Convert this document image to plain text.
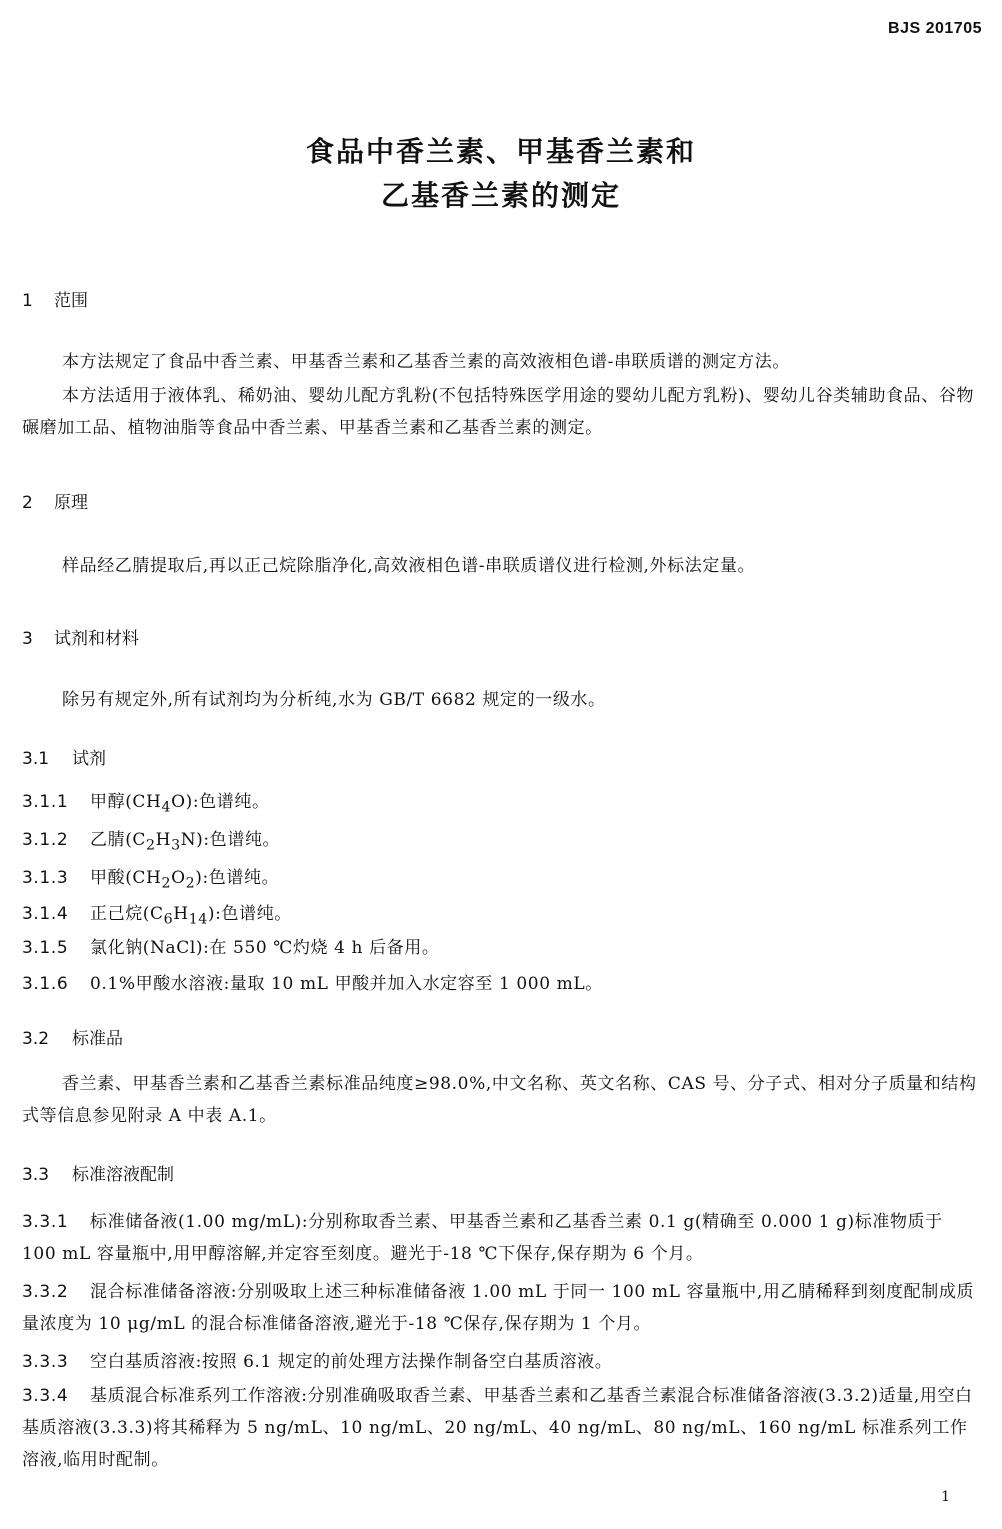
BJS 201705
食品中香兰素、甲基香兰素和
乙基香兰素的测定
1 范围
本方法规定了食品中香兰素、甲基香兰素和乙基香兰素的高效液相色谱-串联质谱的测定方法。
本方法适用于液体乳、稀奶油、婴幼儿配方乳粉(不包括特殊医学用途的婴幼儿配方乳粉)、婴幼儿谷类辅助食品、谷物碾磨加工品、植物油脂等食品中香兰素、甲基香兰素和乙基香兰素的测定。
2 原理
样品经乙腈提取后,再以正己烷除脂净化,高效液相色谱-串联质谱仪进行检测,外标法定量。
3 试剂和材料
除另有规定外,所有试剂均为分析纯,水为 GB/T 6682 规定的一级水。
3.1 试剂
3.1.1 甲醇$(CH_4O)$:色谱纯。
3.1.2 乙腈$(C_2H_3N)$:色谱纯。
3.1.3 甲酸$(CH_2O_2)$:色谱纯。
3.1.4 正己烷$(C_6H_{14})$:色谱纯。
3.1.5 氯化钠(NaCl):在 550 ℃灼烧 4 h 后备用。
3.1.6 0.1%甲酸水溶液:量取 10 mL 甲酸并加入水定容至 1 000 mL。
3.2 标准品
香兰素、甲基香兰素和乙基香兰素标准品纯度≥98.0%,中文名称、英文名称、CAS 号、分子式、相对分子质量和结构式等信息参见附录 A 中表 A.1。
3.3 标准溶液配制
3.3.1 标准储备液(1.00 mg/mL):分别称取香兰素、甲基香兰素和乙基香兰素 0.1 g(精确至 0.000 1 g)标准物质于 100 mL 容量瓶中,用甲醇溶解,并定容至刻度。避光于-18 ℃下保存,保存期为 6 个月。
3.3.2 混合标准储备溶液:分别吸取上述三种标准储备液 1.00 mL 于同一 100 mL 容量瓶中,用乙腈稀释到刻度配制成质量浓度为 10 μg/mL 的混合标准储备溶液,避光于-18 ℃保存,保存期为 1 个月。
3.3.3 空白基质溶液:按照 6.1 规定的前处理方法操作制备空白基质溶液。
3.3.4 基质混合标准系列工作溶液:分别准确吸取香兰素、甲基香兰素和乙基香兰素混合标准储备溶液(3.3.2)适量,用空白基质溶液(3.3.3)将其稀释为 5 ng/mL、10 ng/mL、20 ng/mL、40 ng/mL、80 ng/mL、160 ng/mL 标准系列工作溶液,临用时配制。
1
